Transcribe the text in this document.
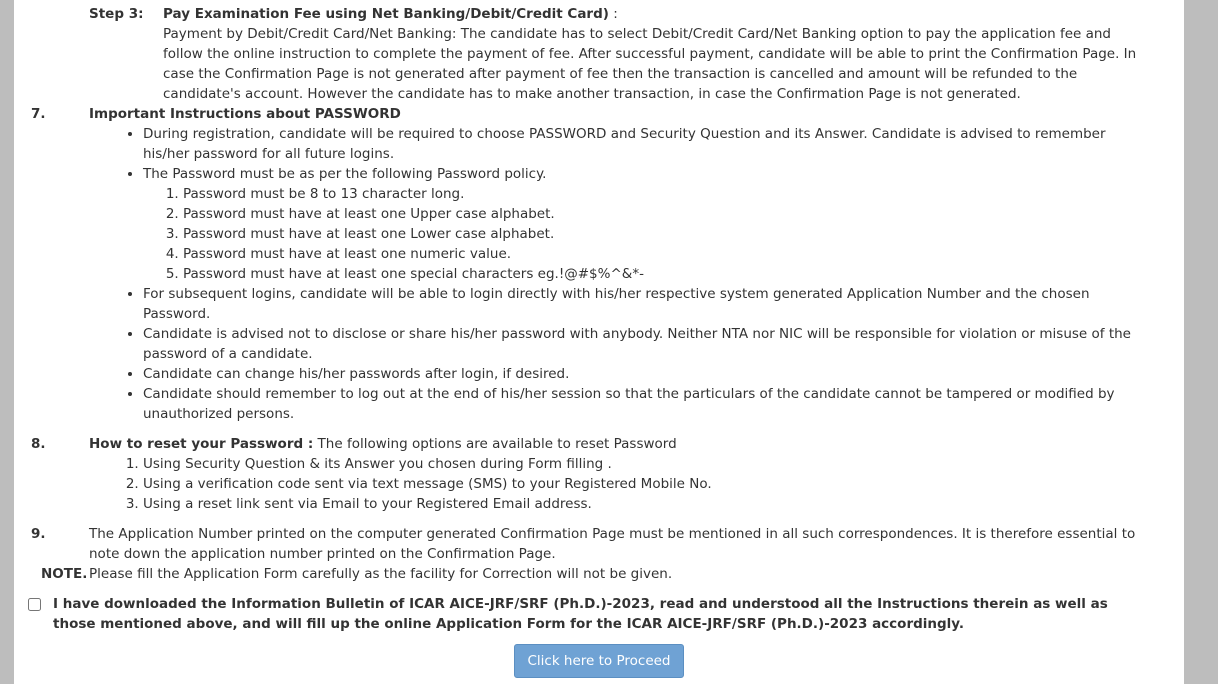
Step 3:	Pay Examination Fee using Net Banking/Debit/Credit Card) :
Payment by Debit/Credit Card/Net Banking: The candidate has to select Debit/Credit Card/Net Banking option to pay the application fee and follow the online instruction to complete the payment of fee. After successful payment, candidate will be able to print the Confirmation Page. In case the Confirmation Page is not generated after payment of fee then the transaction is cancelled and amount will be refunded to the candidate's account. However the candidate has to make another transaction, in case the Confirmation Page is not generated.
7.	Important Instructions about PASSWORD
• During registration, candidate will be required to choose PASSWORD and Security Question and its Answer. Candidate is advised to remember his/her password for all future logins.
• The Password must be as per the following Password policy.
1. Password must be 8 to 13 character long.
2. Password must have at least one Upper case alphabet.
3. Password must have at least one Lower case alphabet.
4. Password must have at least one numeric value.
5. Password must have at least one special characters eg.!@#$%^&*-
• For subsequent logins, candidate will be able to login directly with his/her respective system generated Application Number and the chosen Password.
• Candidate is advised not to disclose or share his/her password with anybody. Neither NTA nor NIC will be responsible for violation or misuse of the password of a candidate.
• Candidate can change his/her passwords after login, if desired.
• Candidate should remember to log out at the end of his/her session so that the particulars of the candidate cannot be tampered or modified by unauthorized persons.
8.	How to reset your Password : The following options are available to reset Password
1. Using Security Question & its Answer you chosen during Form filling .
2. Using a verification code sent via text message (SMS) to your Registered Mobile No.
3. Using a reset link sent via Email to your Registered Email address.
9.	The Application Number printed on the computer generated Confirmation Page must be mentioned in all such correspondences. It is therefore essential to note down the application number printed on the Confirmation Page.
NOTE. Please fill the Application Form carefully as the facility for Correction will not be given.
I have downloaded the Information Bulletin of ICAR AICE-JRF/SRF (Ph.D.)-2023, read and understood all the Instructions therein as well as those mentioned above, and will fill up the online Application Form for the ICAR AICE-JRF/SRF (Ph.D.)-2023 accordingly.
Click here to Proceed
